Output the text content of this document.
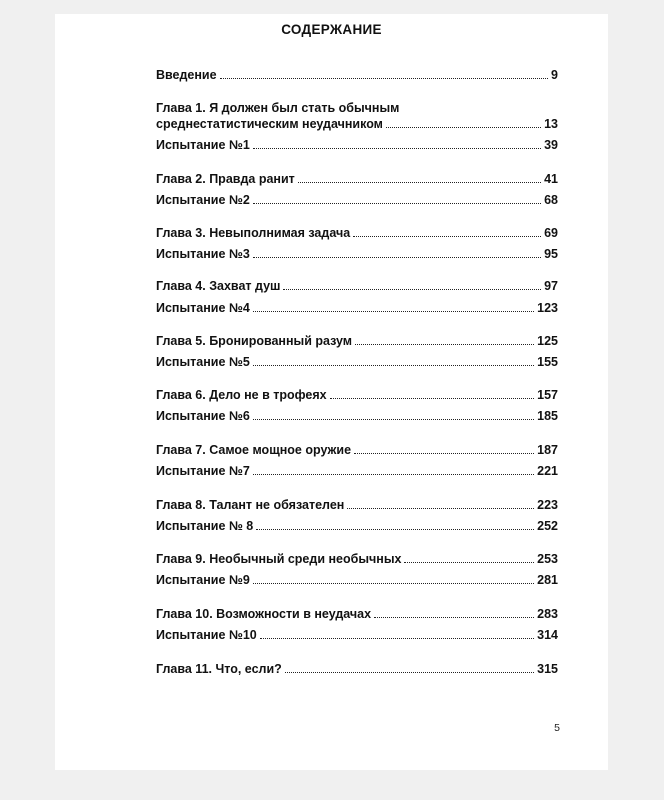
СОДЕРЖАНИЕ
Введение	9
Глава 1. Я должен был стать обычным
среднестатистическим неудачником	13
Испытание №1	39
Глава 2. Правда ранит	41
Испытание №2	68
Глава 3. Невыполнимая задача	69
Испытание №3	95
Глава 4. Захват душ	97
Испытание №4	123
Глава 5. Бронированный разум	125
Испытание №5	155
Глава 6. Дело не в трофеях	157
Испытание №6	185
Глава 7. Самое мощное оружие	187
Испытание №7	221
Глава 8. Талант не обязателен	223
Испытание № 8	252
Глава 9. Необычный среди необычных	253
Испытание №9	281
Глава 10. Возможности в неудачах	283
Испытание №10	314
Глава 11. Что, если?	315
5
